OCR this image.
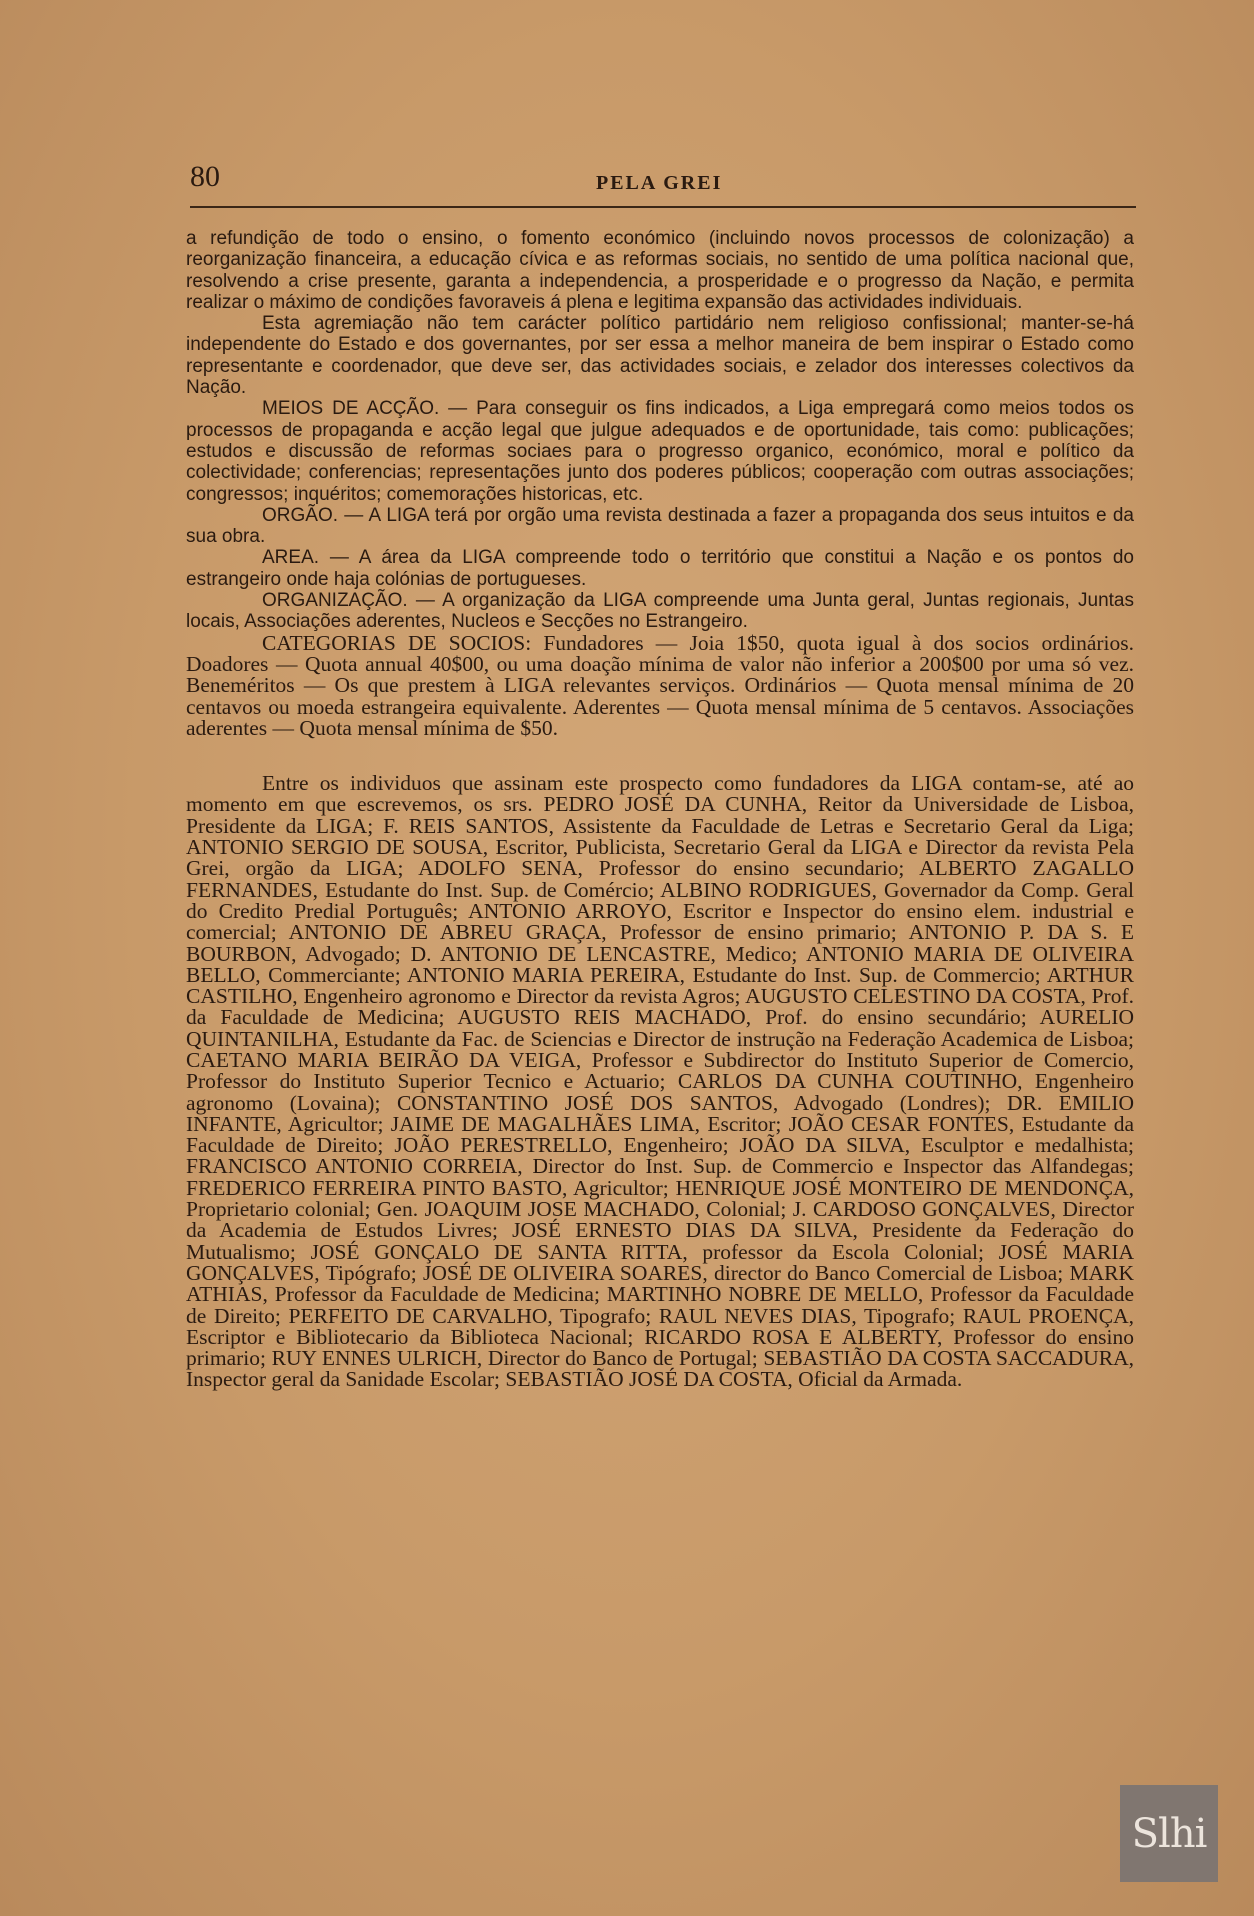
80	PELA GREI

a refundição de todo o ensino, o fomento económico (incluindo novos processos de colonização) a reorganização financeira, a educação cívica e as reformas sociais, no sentido de uma política nacional que, resolvendo a crise presente, garanta a independencia, a prosperidade e o progresso da Nação, e permita realizar o máximo de condições favoraveis á plena e legitima expansão das actividades individuais.

Esta agremiação não tem carácter político partidário nem religioso confissional; manter-se-há independente do Estado e dos governantes, por ser essa a melhor maneira de bem inspirar o Estado como representante e coordenador, que deve ser, das actividades sociais, e zelador dos interesses colectivos da Nação.

MEIOS DE ACÇÃO. — Para conseguir os fins indicados, a Liga empregará como meios todos os processos de propaganda e acção legal que julgue adequados e de oportunidade, tais como: publicações; estudos e discussão de reformas sociaes para o progresso organico, económico, moral e político da colectividade; conferencias; representações junto dos poderes públicos; cooperação com outras associações; congressos; inquéritos; comemorações historicas, etc.

ORGÃO. — A LIGA terá por orgão uma revista destinada a fazer a propaganda dos seus intuitos e da sua obra.

AREA. — A área da LIGA compreende todo o território que constitui a Nação e os pontos do estrangeiro onde haja colónias de portugueses.

ORGANIZAÇÃO. — A organização da LIGA compreende uma Junta geral, Juntas regionais, Juntas locais, Associações aderentes, Nucleos e Secções no Estrangeiro.

CATEGORIAS DE SOCIOS: Fundadores — Joia 1$50, quota igual à dos socios ordinários. Doadores — Quota annual 40$00, ou uma doação mínima de valor não inferior a 200$00 por uma só vez. Beneméritos — Os que prestem à LIGA relevantes serviços. Ordinários — Quota mensal mínima de 20 centavos ou moeda estrangeira equivalente. Aderentes — Quota mensal mínima de 5 centavos. Associações aderentes — Quota mensal mínima de $50.

Entre os individuos que assinam este prospecto como fundadores da LIGA contam-se, até ao momento em que escrevemos, os srs. PEDRO JOSÉ DA CUNHA, Reitor da Universidade de Lisboa, Presidente da LIGA; F. REIS SANTOS, Assistente da Faculdade de Letras e Secretario Geral da Liga; ANTONIO SERGIO DE SOUSA, Escritor, Publicista, Secretario Geral da LIGA e Director da revista Pela Grei, orgão da LIGA; ADOLFO SENA, Professor do ensino secundario; ALBERTO ZAGALLO FERNANDES, Estudante do Inst. Sup. de Comércio; ALBINO RODRIGUES, Governador da Comp. Geral do Credito Predial Português; ANTONIO ARROYO, Escritor e Inspector do ensino elem. industrial e comercial; ANTONIO DE ABREU GRAÇA, Professor de ensino primario; ANTONIO P. DA S. E BOURBON, Advogado; D. ANTONIO DE LENCASTRE, Medico; ANTONIO MARIA DE OLIVEIRA BELLO, Commerciante; ANTONIO MARIA PEREIRA, Estudante do Inst. Sup. de Commercio; ARTHUR CASTILHO, Engenheiro agronomo e Director da revista Agros; AUGUSTO CELESTINO DA COSTA, Prof. da Faculdade de Medicina; AUGUSTO REIS MACHADO, Prof. do ensino secundário; AURELIO QUINTANILHA, Estudante da Fac. de Sciencias e Director de instrução na Federação Academica de Lisboa; CAETANO MARIA BEIRÃO DA VEIGA, Professor e Subdirector do Instituto Superior de Comercio, Professor do Instituto Superior Tecnico e Actuario; CARLOS DA CUNHA COUTINHO, Engenheiro agronomo (Lovaina); CONSTANTINO JOSÉ DOS SANTOS, Advogado (Londres); DR. EMILIO INFANTE, Agricultor; JAIME DE MAGALHÃES LIMA, Escritor; JOÃO CESAR FONTES, Estudante da Faculdade de Direito; JOÃO PERESTRELLO, Engenheiro; JOÃO DA SILVA, Esculptor e medalhista; FRANCISCO ANTONIO CORREIA, Director do Inst. Sup. de Commercio e Inspector das Alfandegas; FREDERICO FERREIRA PINTO BASTO, Agricultor; HENRIQUE JOSÉ MONTEIRO DE MENDONÇA, Proprietario colonial; Gen. JOAQUIM JOSE MACHADO, Colonial; J. CARDOSO GONÇALVES, Director da Academia de Estudos Livres; JOSÉ ERNESTO DIAS DA SILVA, Presidente da Federação do Mutualismo; JOSÉ GONÇALO DE SANTA RITTA, professor da Escola Colonial; JOSÉ MARIA GONÇALVES, Tipógrafo; JOSÉ DE OLIVEIRA SOARES, director do Banco Comercial de Lisboa; MARK ATHIAS, Professor da Faculdade de Medicina; MARTINHO NOBRE DE MELLO, Professor da Faculdade de Direito; PERFEITO DE CARVALHO, Tipografo; RAUL NEVES DIAS, Tipografo; RAUL PROENÇA, Escriptor e Bibliotecario da Biblioteca Nacional; RICARDO ROSA E ALBERTY, Professor do ensino primario; RUY ENNES ULRICH, Director do Banco de Portugal; SEBASTIÃO DA COSTA SACCADURA, Inspector geral da Sanidade Escolar; SEBASTIÃO JOSÉ DA COSTA, Oficial da Armada.

Slhi
